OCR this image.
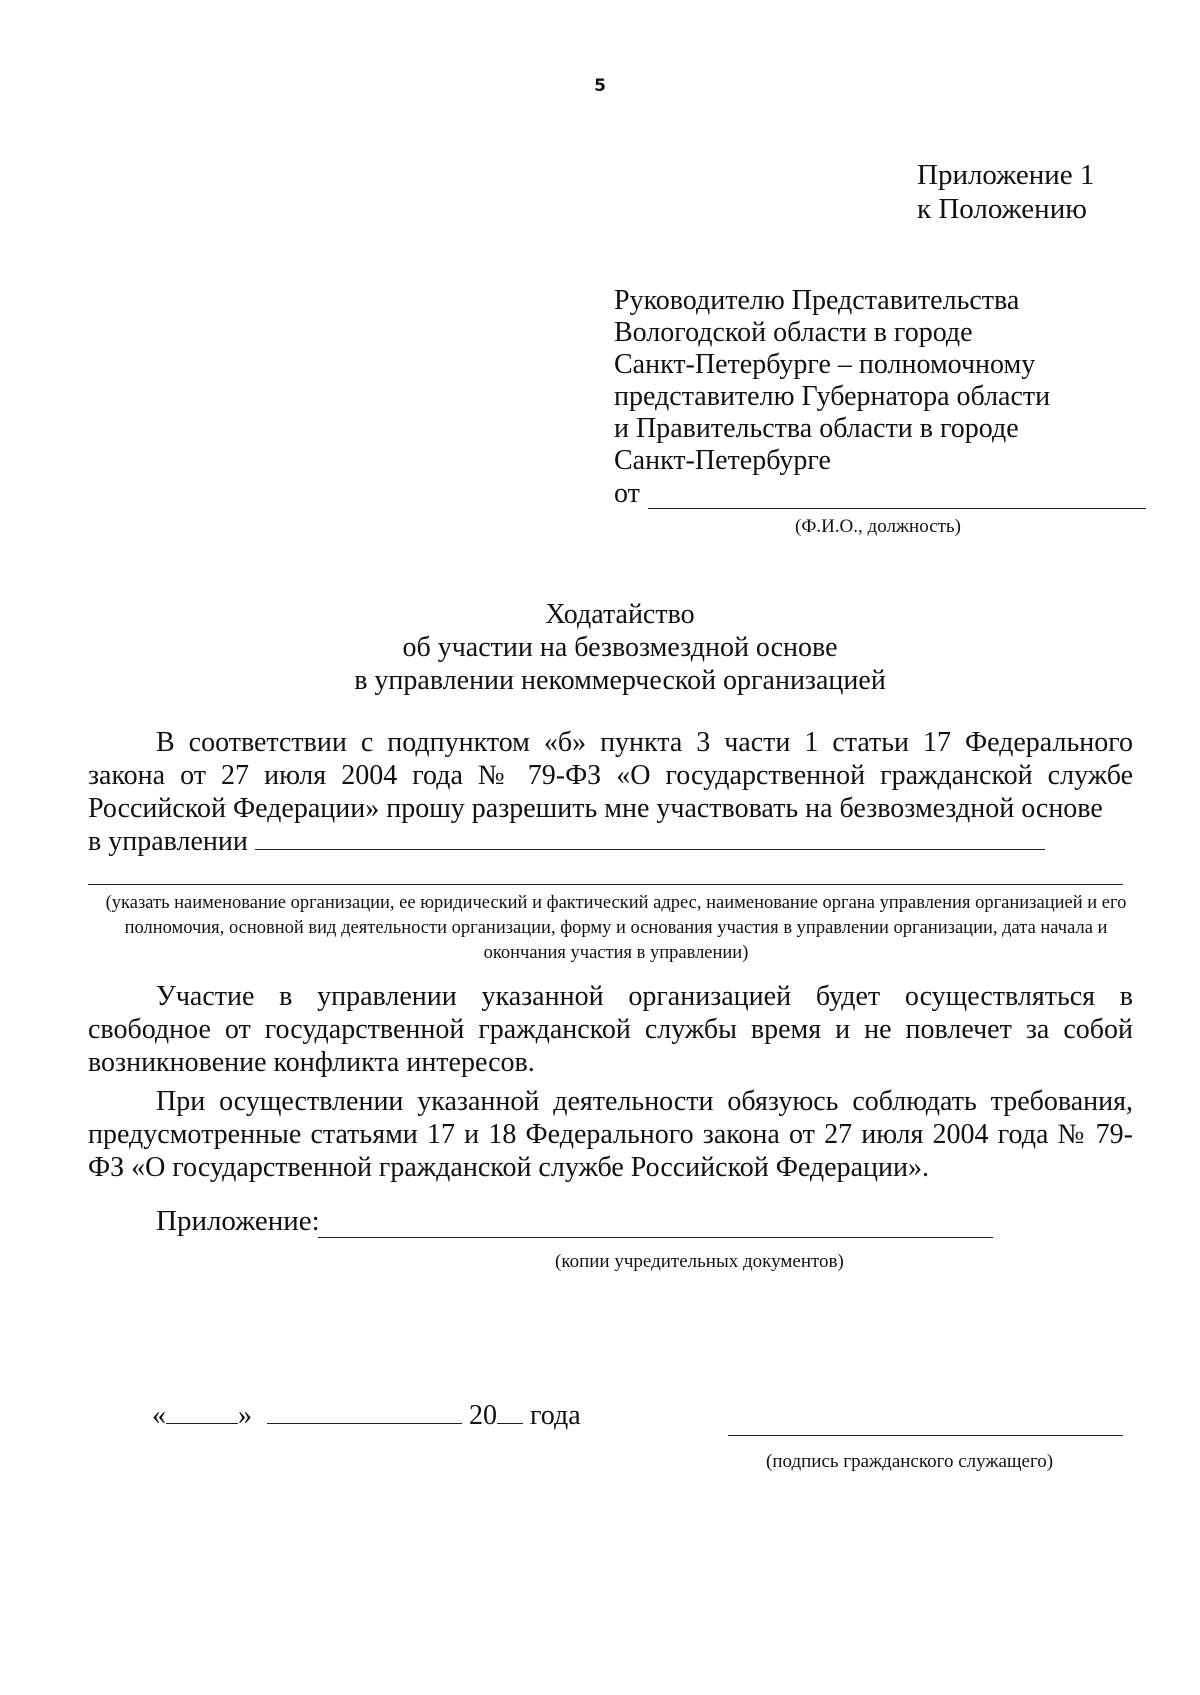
5
Приложение 1
к Положению
Руководителю Представительства
Вологодской области в городе
Санкт-Петербурге – полномочному
представителю Губернатора области
и Правительства области в городе
Санкт-Петербурге
от
(Ф.И.О., должность)
Ходатайство
об участии на безвозмездной основе
в управлении некоммерческой организацией
В соответствии с подпунктом «б» пункта 3 части 1 статьи 17 Федерального закона от 27 июля 2004 года № 79-ФЗ «О государственной гражданской службе Российской Федерации» прошу разрешить мне участвовать на безвозмездной основе
в управлении
(указать наименование организации, ее юридический и фактический адрес, наименование органа управления организацией и его полномочия, основной вид деятельности организации, форму и основания участия в управлении организации, дата начала и окончания участия в управлении)
Участие в управлении указанной организацией будет осуществляться в свободное от государственной гражданской службы время и не повлечет за собой возникновение конфликта интересов.
При осуществлении указанной деятельности обязуюсь соблюдать требования, предусмотренные статьями 17 и 18 Федерального закона от 27 июля 2004 года № 79-ФЗ «О государственной гражданской службе Российской Федерации».
Приложение:
(копии учредительных документов)
«	»	20 года
(подпись гражданского служащего)
